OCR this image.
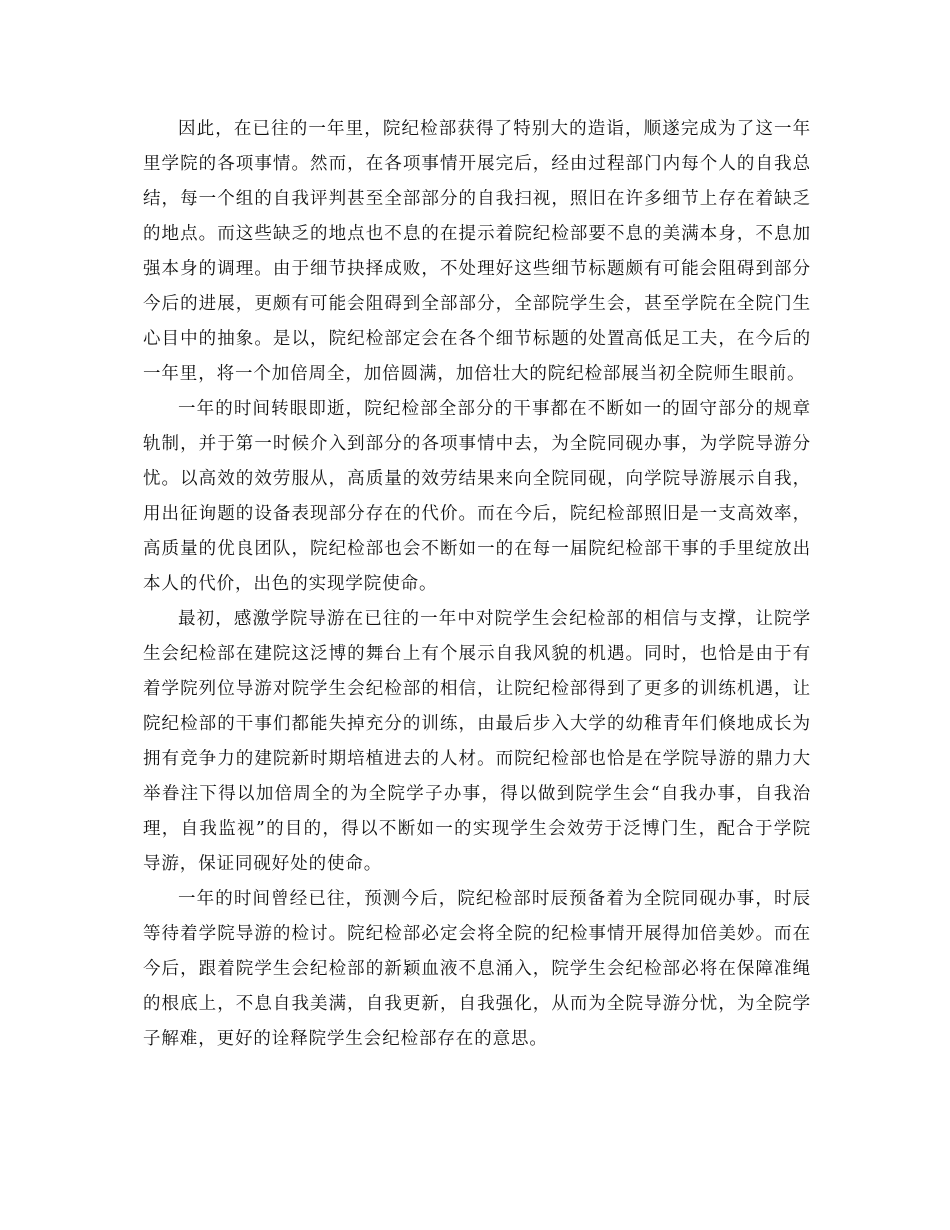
因此，在已往的一年里，院纪检部获得了特别大的造诣，顺遂完成为了这一年里学院的各项事情。然而，在各项事情开展完后，经由过程部门内每个人的自我总结，每一个组的自我评判甚至全部部分的自我扫视，照旧在许多细节上存在着缺乏的地点。而这些缺乏的地点也不息的在提示着院纪检部要不息的美满本身，不息加强本身的调理。由于细节抉择成败，不处理好这些细节标题颇有可能会阻碍到部分今后的进展，更颇有可能会阻碍到全部部分，全部院学生会，甚至学院在全院门生心目中的抽象。是以，院纪检部定会在各个细节标题的处置高低足工夫，在今后的一年里，将一个加倍周全，加倍圆满，加倍壮大的院纪检部展当初全院师生眼前。

一年的时间转眼即逝，院纪检部全部分的干事都在不断如一的固守部分的规章轨制，并于第一时候介入到部分的各项事情中去，为全院同砚办事，为学院导游分忧。以高效的效劳服从，高质量的效劳结果来向全院同砚，向学院导游展示自我，用出征询题的设备表现部分存在的代价。而在今后，院纪检部照旧是一支高效率，高质量的优良团队，院纪检部也会不断如一的在每一届院纪检部干事的手里绽放出本人的代价，出色的实现学院使命。

最初，感激学院导游在已往的一年中对院学生会纪检部的相信与支撑，让院学生会纪检部在建院这泛博的舞台上有个展示自我风貌的机遇。同时，也恰是由于有着学院列位导游对院学生会纪检部的相信，让院纪检部得到了更多的训练机遇，让院纪检部的干事们都能失掉充分的训练，由最后步入大学的幼稚青年们倏地成长为拥有竞争力的建院新时期培植进去的人材。而院纪检部也恰是在学院导游的鼎力大举眷注下得以加倍周全的为全院学子办事，得以做到院学生会“自我办事，自我治理，自我监视”的目的，得以不断如一的实现学生会效劳于泛博门生，配合于学院导游，保证同砚好处的使命。

一年的时间曾经已往，预测今后，院纪检部时辰预备着为全院同砚办事，时辰等待着学院导游的检讨。院纪检部必定会将全院的纪检事情开展得加倍美妙。而在今后，跟着院学生会纪检部的新颖血液不息涌入，院学生会纪检部必将在保障准绳的根底上，不息自我美满，自我更新，自我强化，从而为全院导游分忧，为全院学子解难，更好的诠释院学生会纪检部存在的意思。
